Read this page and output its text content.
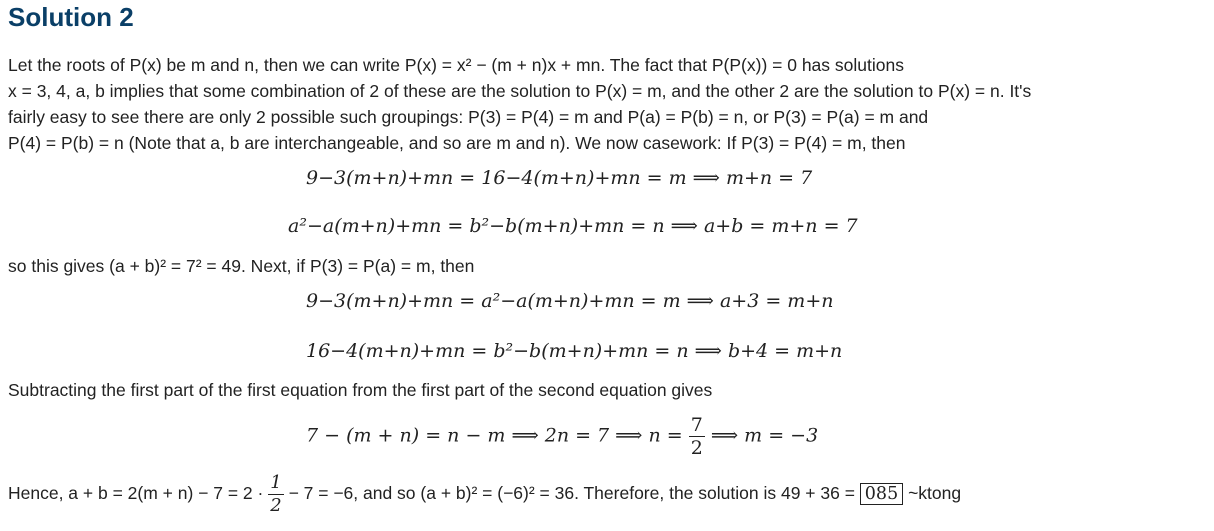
Solution 2
Let the roots of P(x) be m and n, then we can write P(x) = x² − (m + n)x + mn. The fact that P(P(x)) = 0 has solutions
x = 3, 4, a, b implies that some combination of 2 of these are the solution to P(x) = m, and the other 2 are the solution to P(x) = n. It's
fairly easy to see there are only 2 possible such groupings: P(3) = P(4) = m and P(a) = P(b) = n, or P(3) = P(a) = m and
P(4) = P(b) = n (Note that a, b are interchangeable, and so are m and n). We now casework: If P(3) = P(4) = m, then
9−3(m+n)+mn = 16−4(m+n)+mn = m ⟹ m+n = 7
a²−a(m+n)+mn = b²−b(m+n)+mn = n ⟹ a+b = m+n = 7
so this gives (a + b)² = 7² = 49. Next, if P(3) = P(a) = m, then
9−3(m+n)+mn = a²−a(m+n)+mn = m ⟹ a+3 = m+n
16−4(m+n)+mn = b²−b(m+n)+mn = n ⟹ b+4 = m+n
Subtracting the first part of the first equation from the first part of the second equation gives
7 − (m + n) = n − m ⟹ 2n = 7 ⟹ $n = \frac{7}{2}$ ⟹ m = −3
Hence, $a + b = 2(m + n) - 7 = 2 \cdot \frac{1}{2} - 7 = -6$, and so (a + b)² = (−6)² = 36. Therefore, the solution is 49 + 36 = 085 ~ktong
